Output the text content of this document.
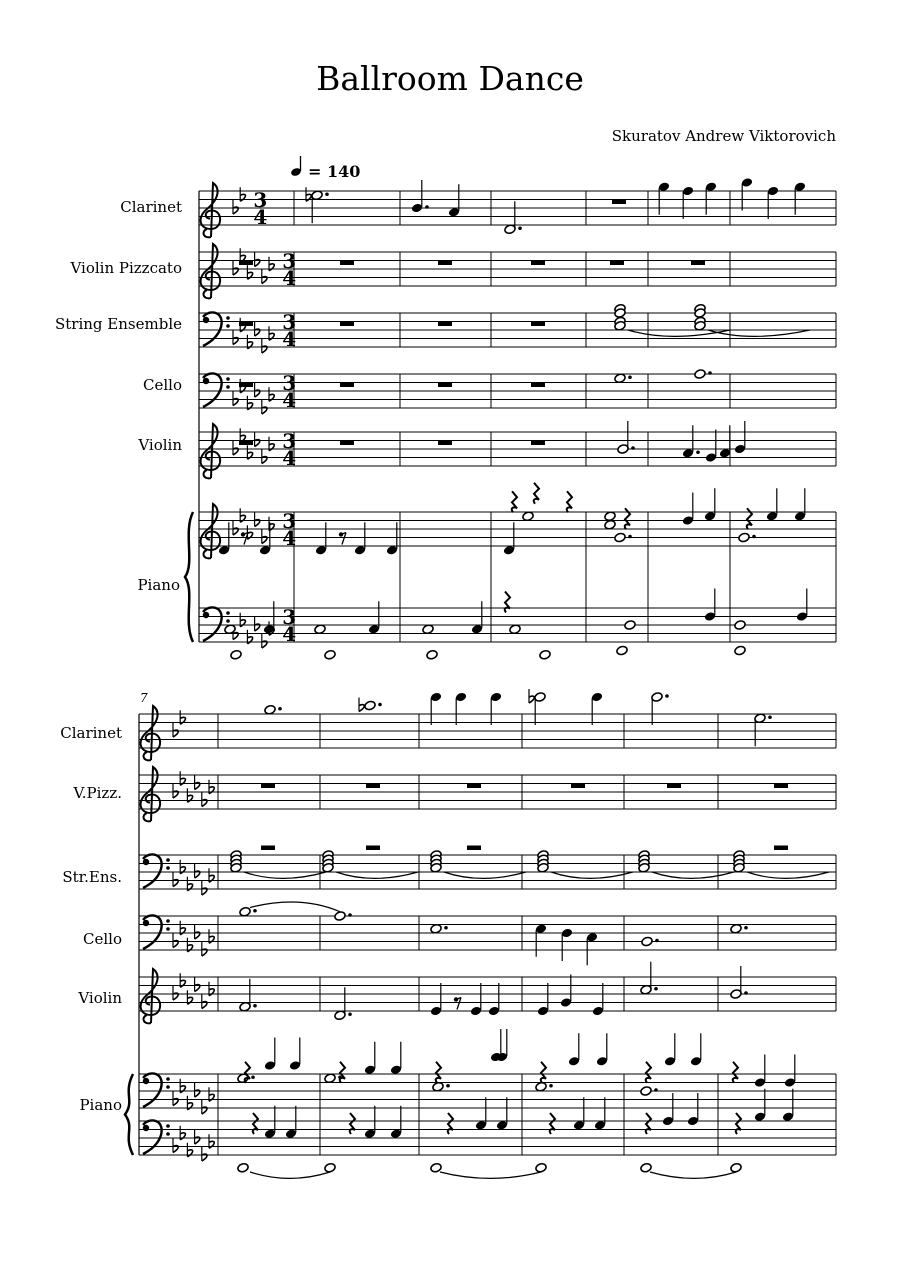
Ballroom Dance
Skuratov Andrew Viktorovich
= 140
Clarinet
Violin Pizzcato
String Ensemble
Cello
Violin
Piano
7
Clarinet
V.Pizz.
Str.Ens.
Cello
Violin
Piano
3
4
3
4
3
4
3
4
3
4
3
4
3
4
